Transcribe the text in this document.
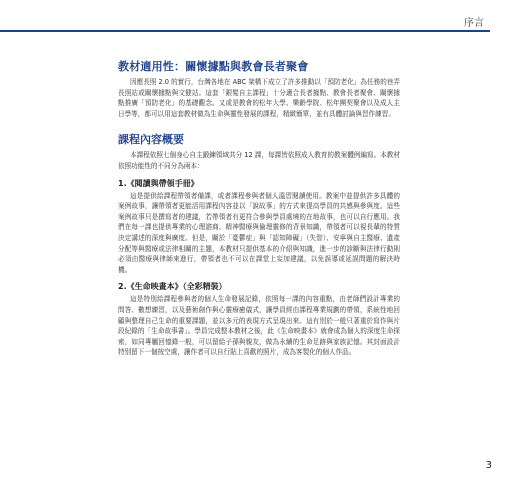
序言
教材適用性：關懷據點與教會長者聚會

因應長照 2.0 的實行，台灣各地在 ABC 架構下成立了許多推動以「預防老化」為任務的巷弄長照站或關懷據點與文健站。這套「銀髮自主課程」十分適合長者據點、教會長者聚會、關懷據點推廣「預防老化」的基礎觀念。又或是教會的松年大學、樂齡學院、松年團契聚會以及成人主日學等，都可以用這套教材做為生命與靈性發展的課程，精緻簡單，並有具體討論與習作練習。

課程內容概要

本課程依照七個身心自主鍛鍊領域共分 12 課，每課皆依照成人教育的教案體例編寫。本教材依照功能性的不同分為兩本：

1.《閱讀與帶領手冊》

這是提供給課程帶領者備課，或者課程參與者個人溫習閱讀使用。教案中並提供許多具體的案例故事，讓帶領者更能活用課程內容並以「說故事」的方式來提高學員的共感與參與度。這些案例故事只是撰寫者的建議，若帶領者有更符合參與學員處境的在地故事，也可以自行應用。我們在每一課也提供專業的心理諮商、精神醫療與倫理靈修的背景知識，帶領者可以視長輩的特質決定講述的深度與廣度。但是，關於「憂鬱症」與「認知障礙」（失智）、安寧與自主醫療、遺產分配等與醫療或法律相關的主題，本教材只提供基本的介紹與知識，進一步的診斷與法律行動則必須由醫療與律師來進行，帶領者也不可以在課堂上妄加建議，以免誤導或延誤問題的解決時機。

2.《生命映畫本》（全彩精裝）

這是特別給課程參與者的個人生命發展記錄，依照每一課的內容重點，由老師們設計專業的問答、數想練習，以及藝術創作與心靈療癒儀式，讓學員經由課程專業規劃的帶領，系統性地回顧與整理自己生命的重要課題，並以多元的表現方式呈現出來。這有別於一般只著重於寫作與片段紀錄的「生命故事書」。學員完成整本教材之後，此《生命映畫本》就會成為個人的深度生命探索，如同專屬回憶錄一般，可以留給子孫與親友，做為永續的生命足跡與家族記憶。其封面設計特別留下一個按空處，讓作者可以自行貼上喜歡的照片，成為客製化的個人作品。

3
